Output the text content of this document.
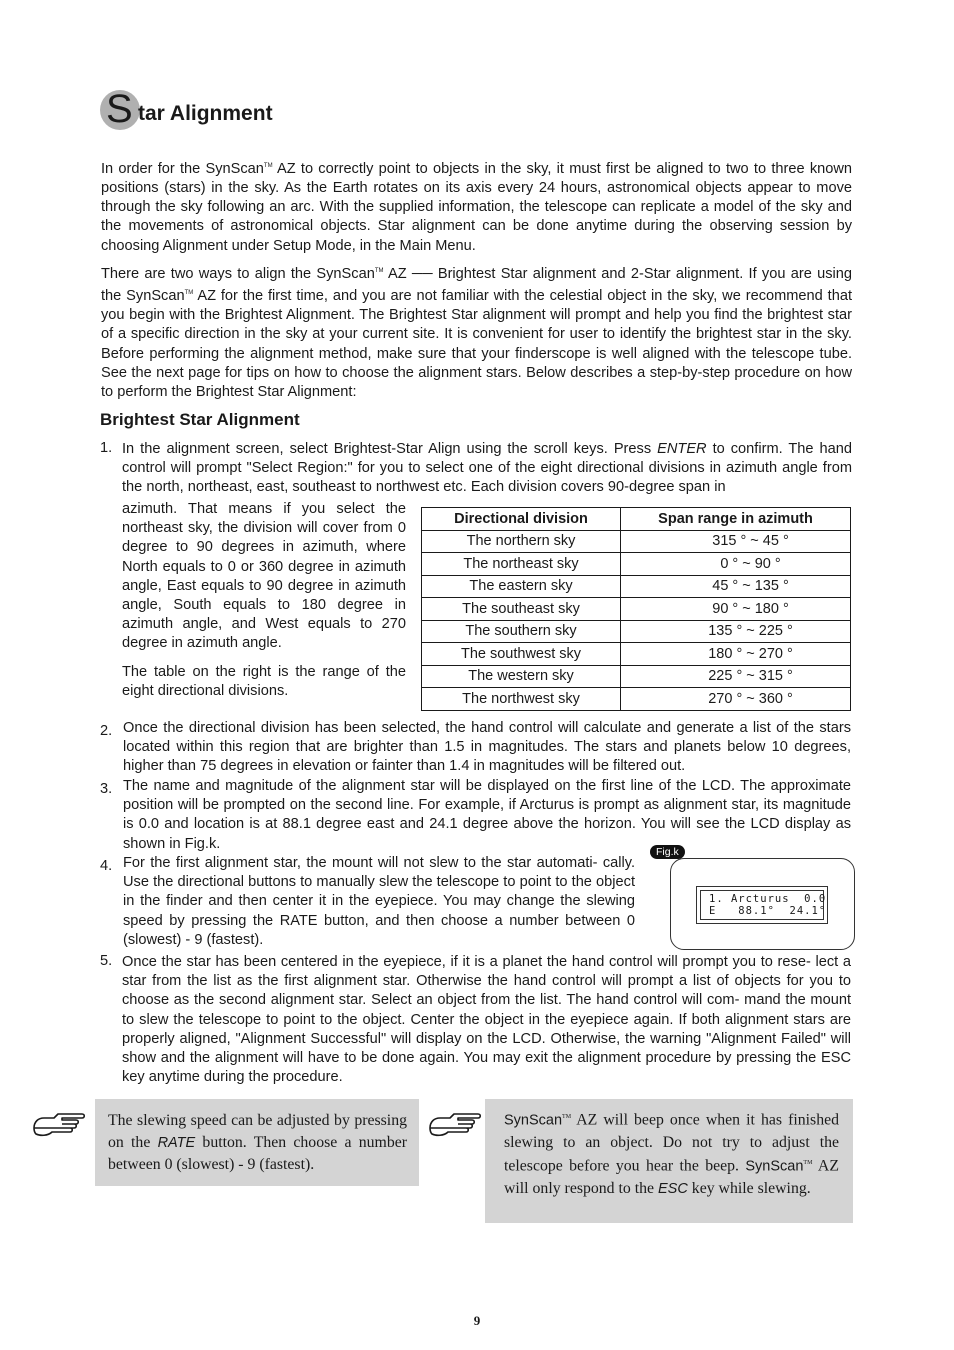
S tar Alignment
In order for the SynScan™ AZ to correctly point to objects in the sky, it must first be aligned to two to three known positions (stars) in the sky. As the Earth rotates on its axis every 24 hours, astronomical objects appear to move through the sky following an arc. With the supplied information, the telescope can replicate a model of the sky and the movements of astronomical objects. Star alignment can be done anytime during the observing session by choosing Alignment under Setup Mode, in the Main Menu.
There are two ways to align the SynScan™ AZ ── Brightest Star alignment and 2-Star alignment. If you are using the SynScan™ AZ for the first time, and you are not familiar with the celestial object in the sky, we recommend that you begin with the Brightest Alignment. The Brightest Star alignment will prompt and help you find the brightest star of a specific direction in the sky at your current site. It is convenient for user to identify the brightest star in the sky. Before performing the alignment method, make sure that your finderscope is well aligned with the telescope tube. See the next page for tips on how to choose the alignment stars. Below describes a step-by-step procedure on how to perform the Brightest Star Alignment:
Brightest Star Alignment
1. In the alignment screen, select Brightest-Star Align using the scroll keys. Press ENTER to confirm. The hand control will prompt "Select Region:" for you to select one of the eight directional divisions in azimuth angle from the north, northeast, east, southeast to northwest etc. Each division covers 90-degree span in
azimuth. That means if you select the northeast sky, the division will cover from 0 degree to 90 degrees in azimuth, where North equals to 0 or 360 degree in azimuth angle, East equals to 90 degree in azimuth angle, South equals to 180 degree in azimuth angle, and West equals to 270 degree in azimuth angle.
The table on the right is the range of the eight directional divisions.
Directional division	Span range in azimuth
The northern sky	315 ° ~ 45 °
The northeast sky	0 ° ~ 90 °
The eastern sky	45 ° ~ 135 °
The southeast sky	90 ° ~ 180 °
The southern sky	135 ° ~ 225 °
The southwest sky	180 ° ~ 270 °
The western sky	225 ° ~ 315 °
The northwest sky	270 ° ~ 360 °
2. Once the directional division has been selected, the hand control will calculate and generate a list of the stars located within this region that are brighter than 1.5 in magnitudes. The stars and planets below 10 degrees, higher than 75 degrees in elevation or fainter than 1.4 in magnitudes will be filtered out.
3. The name and magnitude of the alignment star will be displayed on the first line of the LCD. The approximate position will be prompted on the second line. For example, if Arcturus is prompt as alignment star, its magnitude is 0.0 and location is at 88.1 degree east and 24.1 degree above the horizon. You will see the LCD display as shown in Fig.k.
4. For the first alignment star, the mount will not slew to the star automati- cally. Use the directional buttons to manually slew the telescope to point to the object in the finder and then center it in the eyepiece. You may change the slewing speed by pressing the RATE button, and then choose a number between 0 (slowest) - 9 (fastest).
Fig.k
1. Arcturus  0.0
E   88.1°  24.1°
5. Once the star has been centered in the eyepiece, if it is a planet the hand control will prompt you to rese- lect a star from the list as the first alignment star. Otherwise the hand control will prompt a list of objects for you to choose as the second alignment star. Select an object from the list. The hand control will com- mand the mount to slew the telescope to point to the object. Center the object in the eyepiece again. If both alignment stars are properly aligned, "Alignment Successful" will display on the LCD. Otherwise, the warning "Alignment Failed" will show and the alignment will have to be done again. You may exit the alignment procedure by pressing the ESC key anytime during the procedure.
The slewing speed can be adjusted by pressing on the RATE button. Then choose a number between 0 (slowest) - 9 (fastest).
SynScan™ AZ will beep once when it has finished slewing to an object. Do not try to adjust the telescope before you hear the beep. SynScan™ AZ will only respond to the ESC key while slewing.
9
